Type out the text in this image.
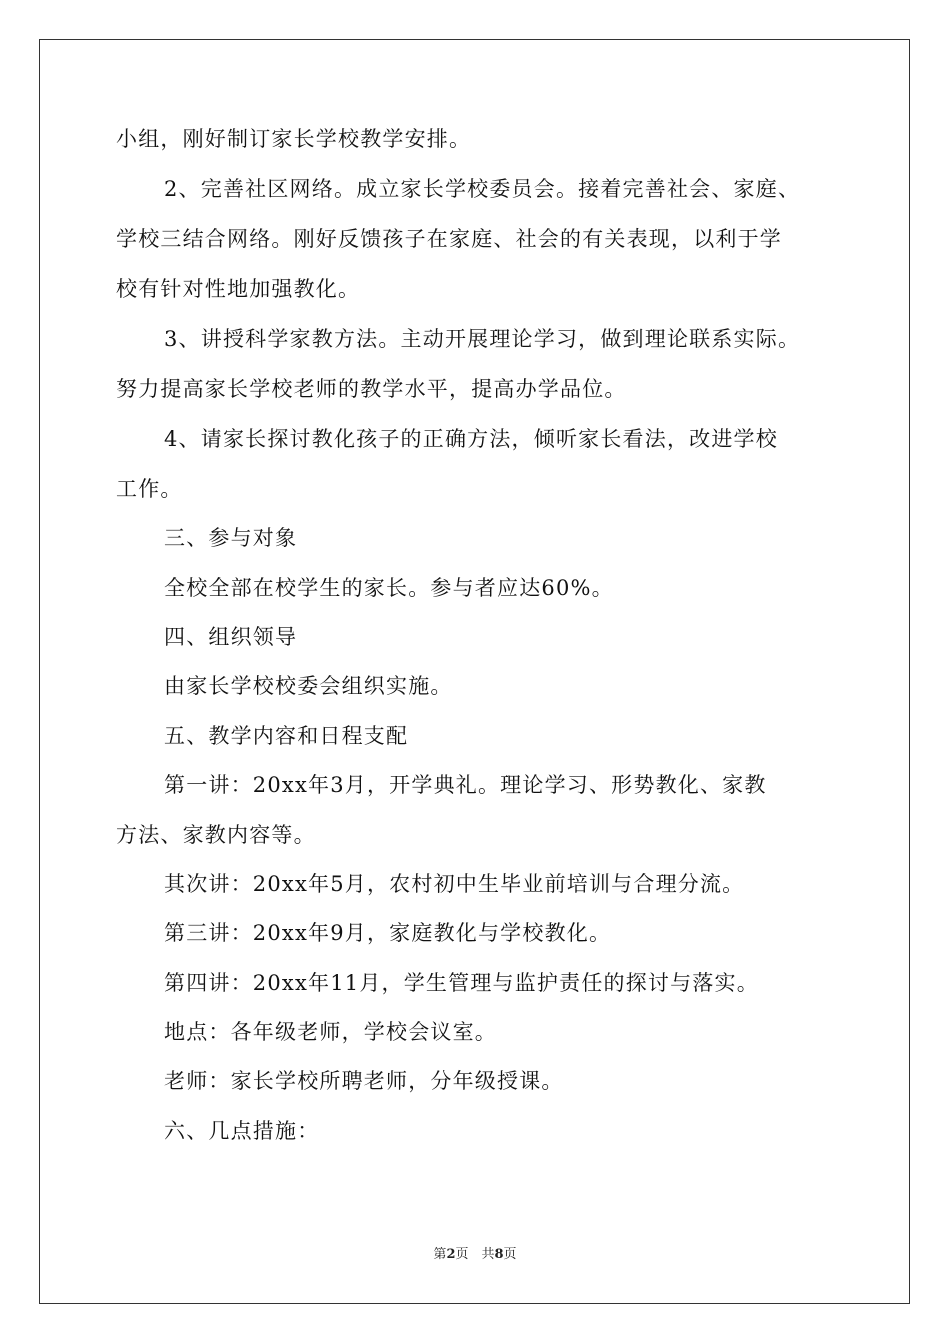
小组，刚好制订家长学校教学安排。
2、完善社区网络。成立家长学校委员会。接着完善社会、家庭、
学校三结合网络。刚好反馈孩子在家庭、社会的有关表现，以利于学
校有针对性地加强教化。
3、讲授科学家教方法。主动开展理论学习，做到理论联系实际。
努力提高家长学校老师的教学水平，提高办学品位。
4、请家长探讨教化孩子的正确方法，倾听家长看法，改进学校
工作。
三、参与对象
全校全部在校学生的家长。参与者应达60%。
四、组织领导
由家长学校校委会组织实施。
五、教学内容和日程支配
第一讲：20xx年3月，开学典礼。理论学习、形势教化、家教
方法、家教内容等。
其次讲：20xx年5月，农村初中生毕业前培训与合理分流。
第三讲：20xx年9月，家庭教化与学校教化。
第四讲：20xx年11月，学生管理与监护责任的探讨与落实。
地点：各年级老师，学校会议室。
老师：家长学校所聘老师，分年级授课。
六、几点措施：
第2页　共8页
